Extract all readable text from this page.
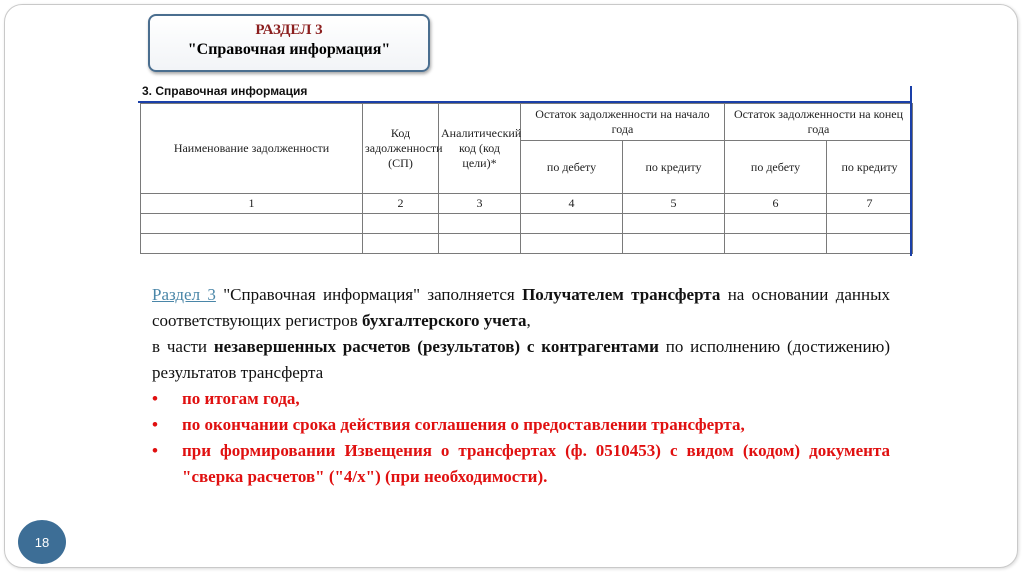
РАЗДЕЛ 3
"Справочная информация"
3. Справочная информация
Наименование задолженности	Код задолженности (СП)	Аналитический код (код цели)*	Остаток задолженности на начало года		Остаток задолженности на конец года	
			по дебету	по кредиту	по дебету	по кредиту
1	2	3	4	5	6	7

Раздел 3 "Справочная информация" заполняется Получателем трансферта на основании данных соответствующих регистров бухгалтерского учета,

в части незавершенных расчетов (результатов) с контрагентами по исполнению (достижению) результатов трансферта

• по итогам года,
• по окончании срока действия соглашения о предоставлении трансферта,
• при формировании Извещения о трансфертах (ф. 0510453) с видом (кодом) документа "сверка расчетов" ("4/х") (при необходимости).
18
